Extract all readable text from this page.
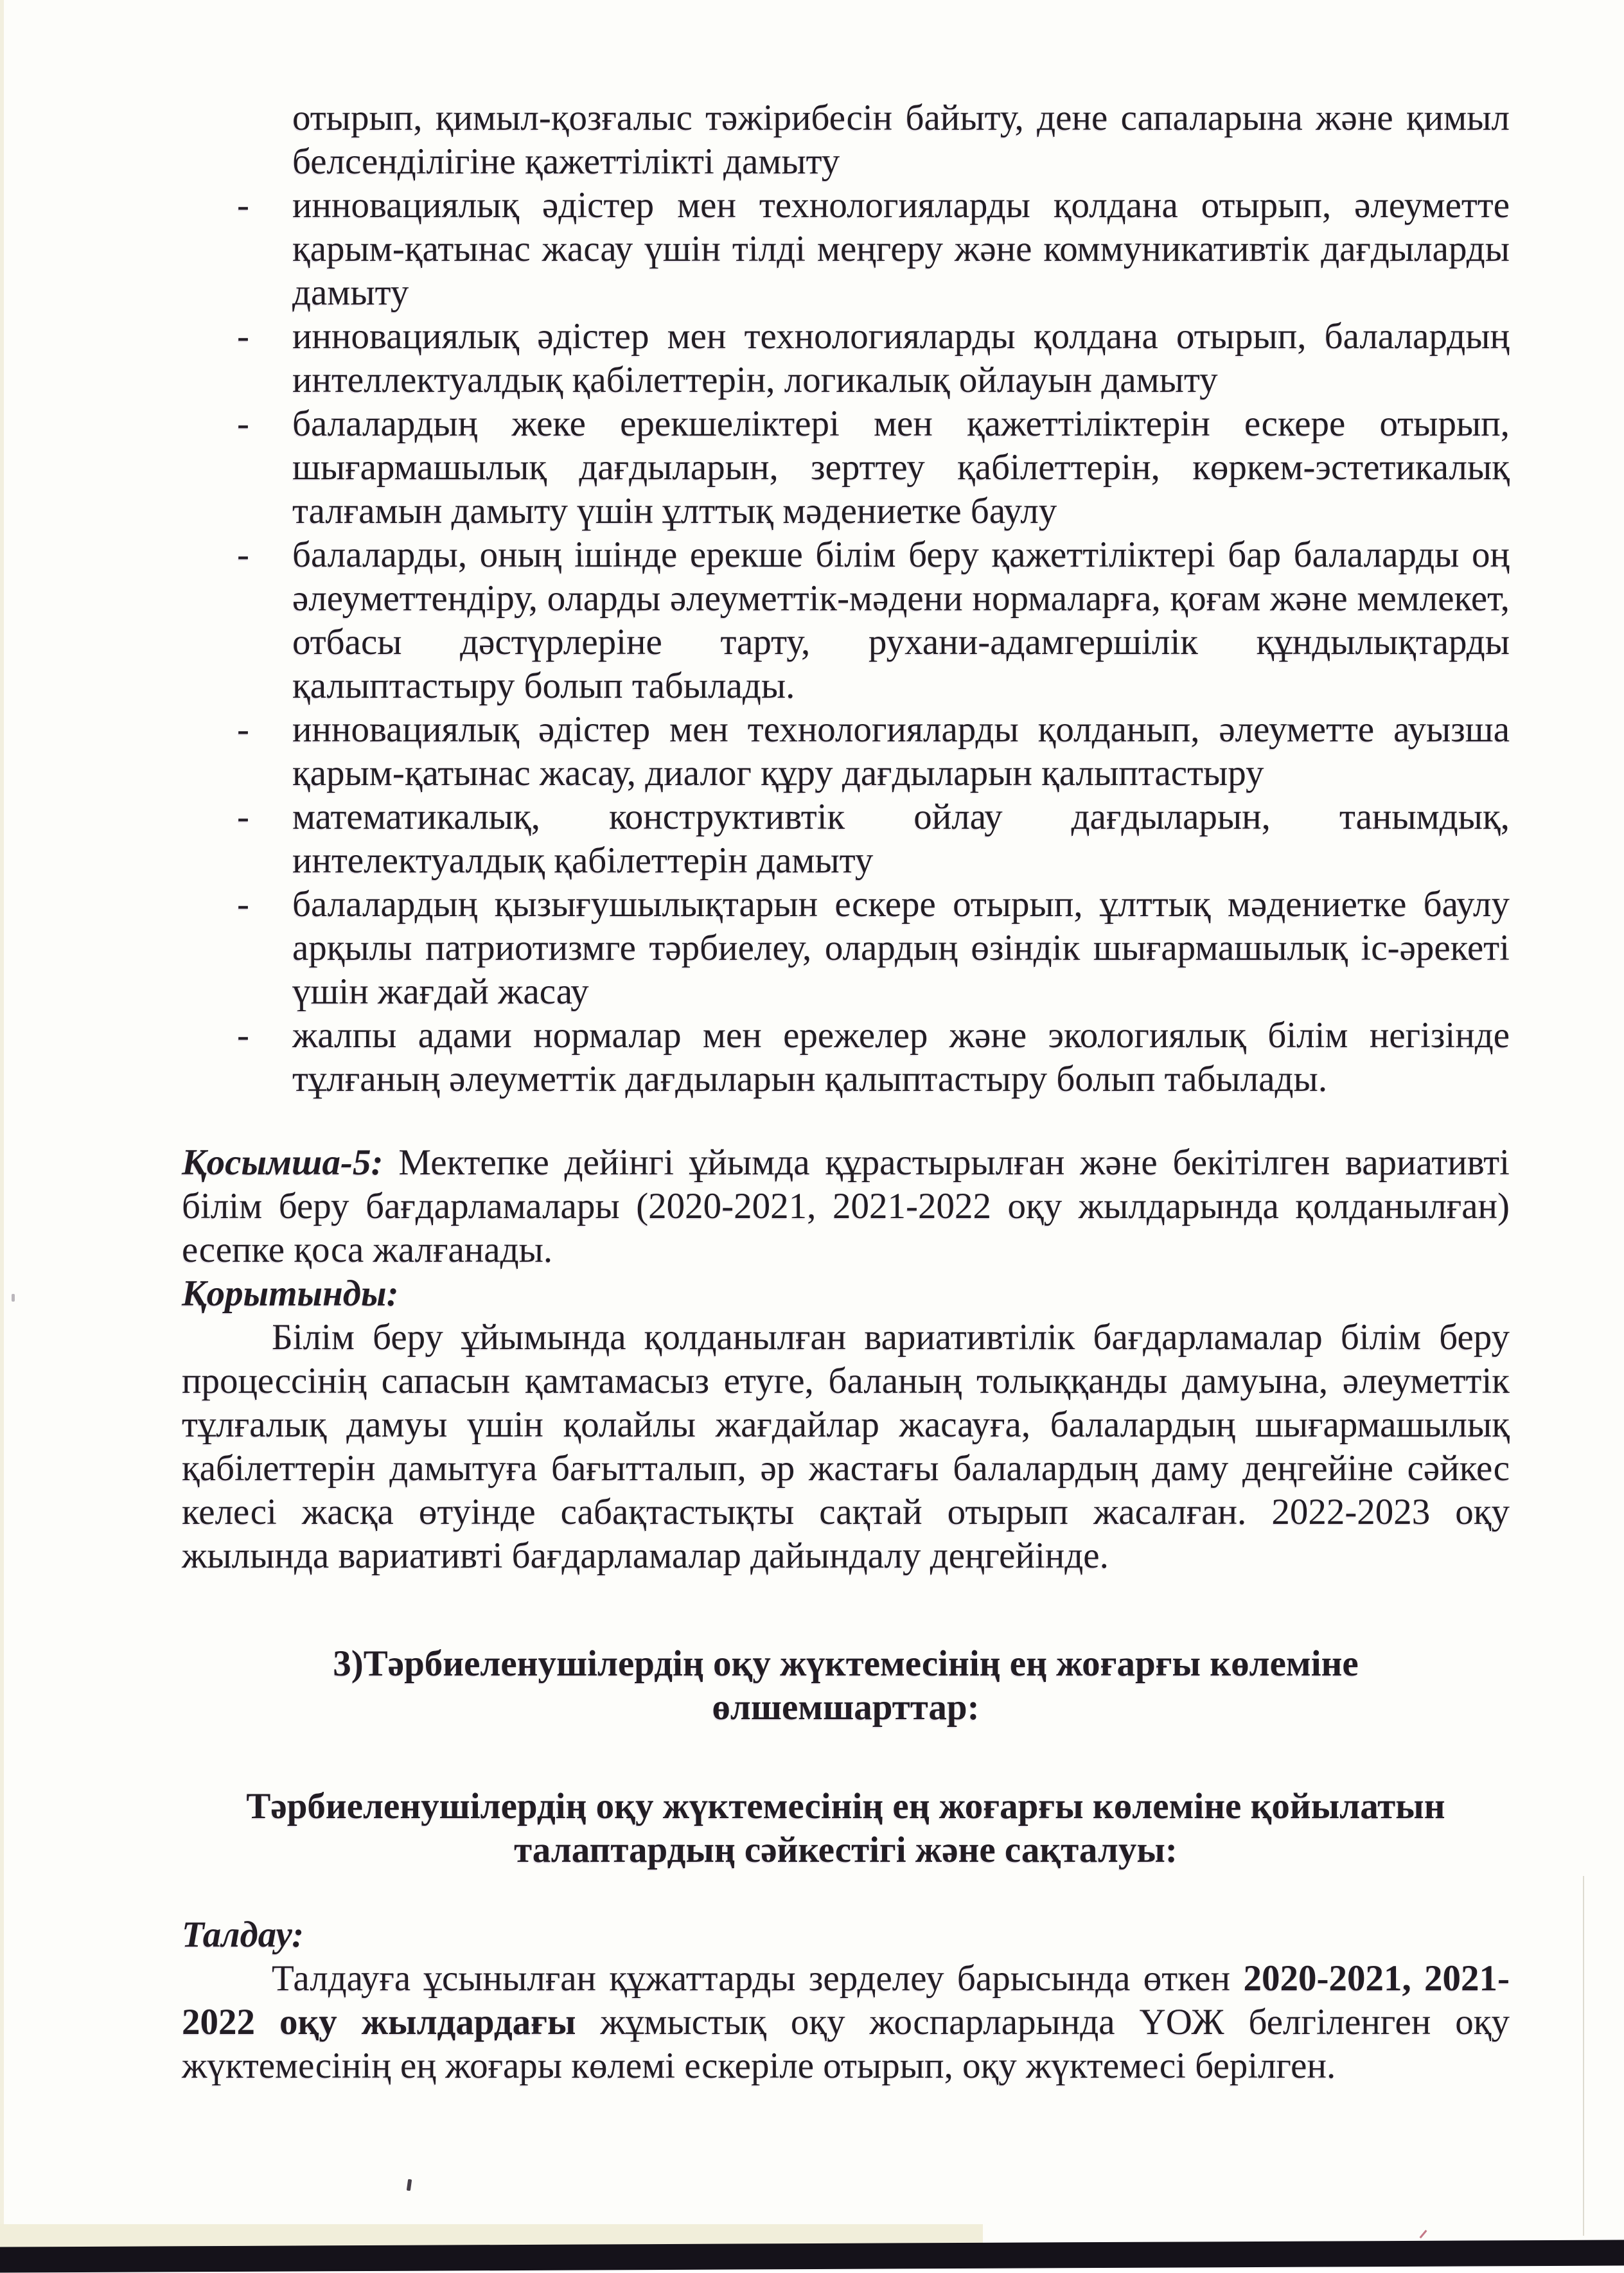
отырып, қимыл-қозғалыс тәжірибесін байыту, дене сапаларына және қимыл белсенділігіне қажеттілікті дамыту
- инновациялық әдістер мен технологияларды қолдана отырып, әлеуметте қарым-қатынас жасау үшін тілді меңгеру және коммуникативтік дағдыларды дамыту
- инновациялық әдістер мен технологияларды қолдана отырып, балалардың интеллектуалдық қабілеттерін, логикалық ойлауын дамыту
- балалардың жеке ерекшеліктері мен қажеттіліктерін ескере отырып, шығармашылық дағдыларын, зерттеу қабілеттерін, көркем-эстетикалық талғамын дамыту үшін ұлттық мәдениетке баулу
- балаларды, оның ішінде ерекше білім беру қажеттіліктері бар балаларды оң әлеуметтендіру, оларды әлеуметтік-мәдени нормаларға, қоғам және мемлекет, отбасы дәстүрлеріне тарту, рухани-адамгершілік құндылықтарды қалыптастыру болып табылады.
- инновациялық әдістер мен технологияларды қолданып, әлеуметте ауызша қарым-қатынас жасау, диалог құру дағдыларын қалыптастыру
- математикалық, конструктивтік ойлау дағдыларын, танымдық, интелектуалдық қабілеттерін дамыту
- балалардың қызығушылықтарын ескере отырып, ұлттық мәдениетке баулу арқылы патриотизмге тәрбиелеу, олардың өзіндік шығармашылық іс-әрекеті үшін жағдай жасау
- жалпы адами нормалар мен ережелер және экологиялық білім негізінде тұлғаның әлеуметтік дағдыларын қалыптастыру болып табылады.

Қосымша-5: Мектепке дейінгі ұйымда құрастырылған және бекітілген вариативті білім беру бағдарламалары (2020-2021, 2021-2022 оқу жылдарында қолданылған) есепке қоса жалғанады.

Қорытынды:

Білім беру ұйымында қолданылған вариативтілік бағдарламалар білім беру процессінің сапасын қамтамасыз етуге, баланың толыққанды дамуына, әлеуметтік тұлғалық дамуы үшін қолайлы жағдайлар жасауға, балалардың шығармашылық қабілеттерін дамытуға бағытталып, әр жастағы балалардың даму деңгейіне сәйкес келесі жасқа өтуінде сабақтастықты сақтай отырып жасалған. 2022-2023 оқу жылында вариативті бағдарламалар дайындалу деңгейінде.

3)Тәрбиеленушілердің оқу жүктемесінің ең жоғарғы көлеміне өлшемшарттар:

Тәрбиеленушілердің оқу жүктемесінің ең жоғарғы көлеміне қойылатын талаптардың сәйкестігі және сақталуы:

Талдау:

Талдауға ұсынылған құжаттарды зерделеу барысында өткен 2020-2021, 2021-2022 оқу жылдардағы жұмыстық оқу жоспарларында ҮОЖ белгіленген оқу жүктемесінің ең жоғары көлемі ескеріле отырып, оқу жүктемесі берілген.
